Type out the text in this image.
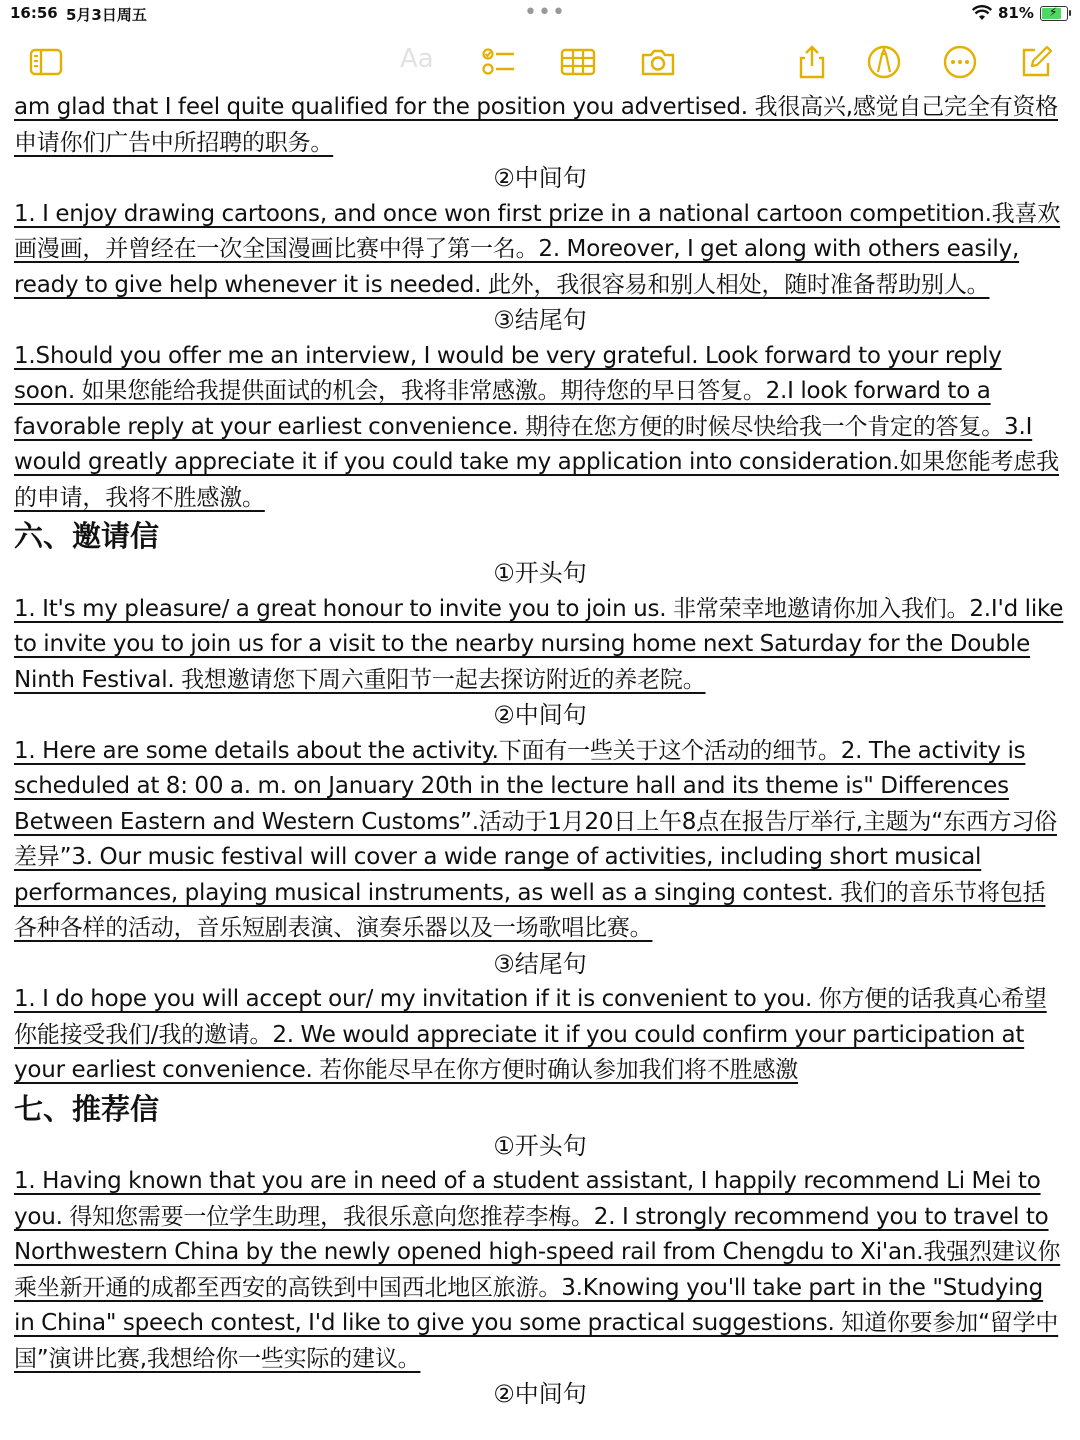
16:56 5月3日周五	•••	81% ⚡
Aa

am glad that I feel quite qualified for the position you advertised. 我很高兴,感觉自己完全有资格申请你们广告中所招聘的职务。

②中间句

1. I enjoy drawing cartoons, and once won first prize in a national cartoon competition.我喜欢画漫画，并曾经在一次全国漫画比赛中得了第一名。2. Moreover, I get along with others easily, ready to give help whenever it is needed. 此外，我很容易和别人相处，随时准备帮助别人。

③结尾句

1.Should you offer me an interview, I would be very grateful. Look forward to your reply soon. 如果您能给我提供面试的机会，我将非常感激。期待您的早日答复。2.I look forward to a favorable reply at your earliest convenience. 期待在您方便的时候尽快给我一个肯定的答复。3.I would greatly appreciate it if you could take my application into consideration.如果您能考虑我的申请，我将不胜感激。

六、邀请信

①开头句

1. It's my pleasure/ a great honour to invite you to join us. 非常荣幸地邀请你加入我们。2.I'd like to invite you to join us for a visit to the nearby nursing home next Saturday for the Double Ninth Festival. 我想邀请您下周六重阳节一起去探访附近的养老院。

②中间句

1. Here are some details about the activity.下面有一些关于这个活动的细节。2. The activity is scheduled at 8: 00 a. m. on January 20th in the lecture hall and its theme is" Differences Between Eastern and Western Customs”.活动于1月20日上午8点在报告厅举行,主题为“东西方习俗差异”3. Our music festival will cover a wide range of activities, including short musical performances, playing musical instruments, as well as a singing contest. 我们的音乐节将包括各种各样的活动，音乐短剧表演、演奏乐器以及一场歌唱比赛。

③结尾句

1. I do hope you will accept our/ my invitation if it is convenient to you. 你方便的话我真心希望你能接受我们/我的邀请。2. We would appreciate it if you could confirm your participation at your earliest convenience. 若你能尽早在你方便时确认参加我们将不胜感激

七、推荐信

①开头句

1. Having known that you are in need of a student assistant, I happily recommend Li Mei to you. 得知您需要一位学生助理，我很乐意向您推荐李梅。2. I strongly recommend you to travel to Northwestern China by the newly opened high-speed rail from Chengdu to Xi'an.我强烈建议你乘坐新开通的成都至西安的高铁到中国西北地区旅游。3.Knowing you'll take part in the "Studying in China" speech contest, I'd like to give you some practical suggestions. 知道你要参加“留学中国”演讲比赛,我想给你一些实际的建议。

②中间句
